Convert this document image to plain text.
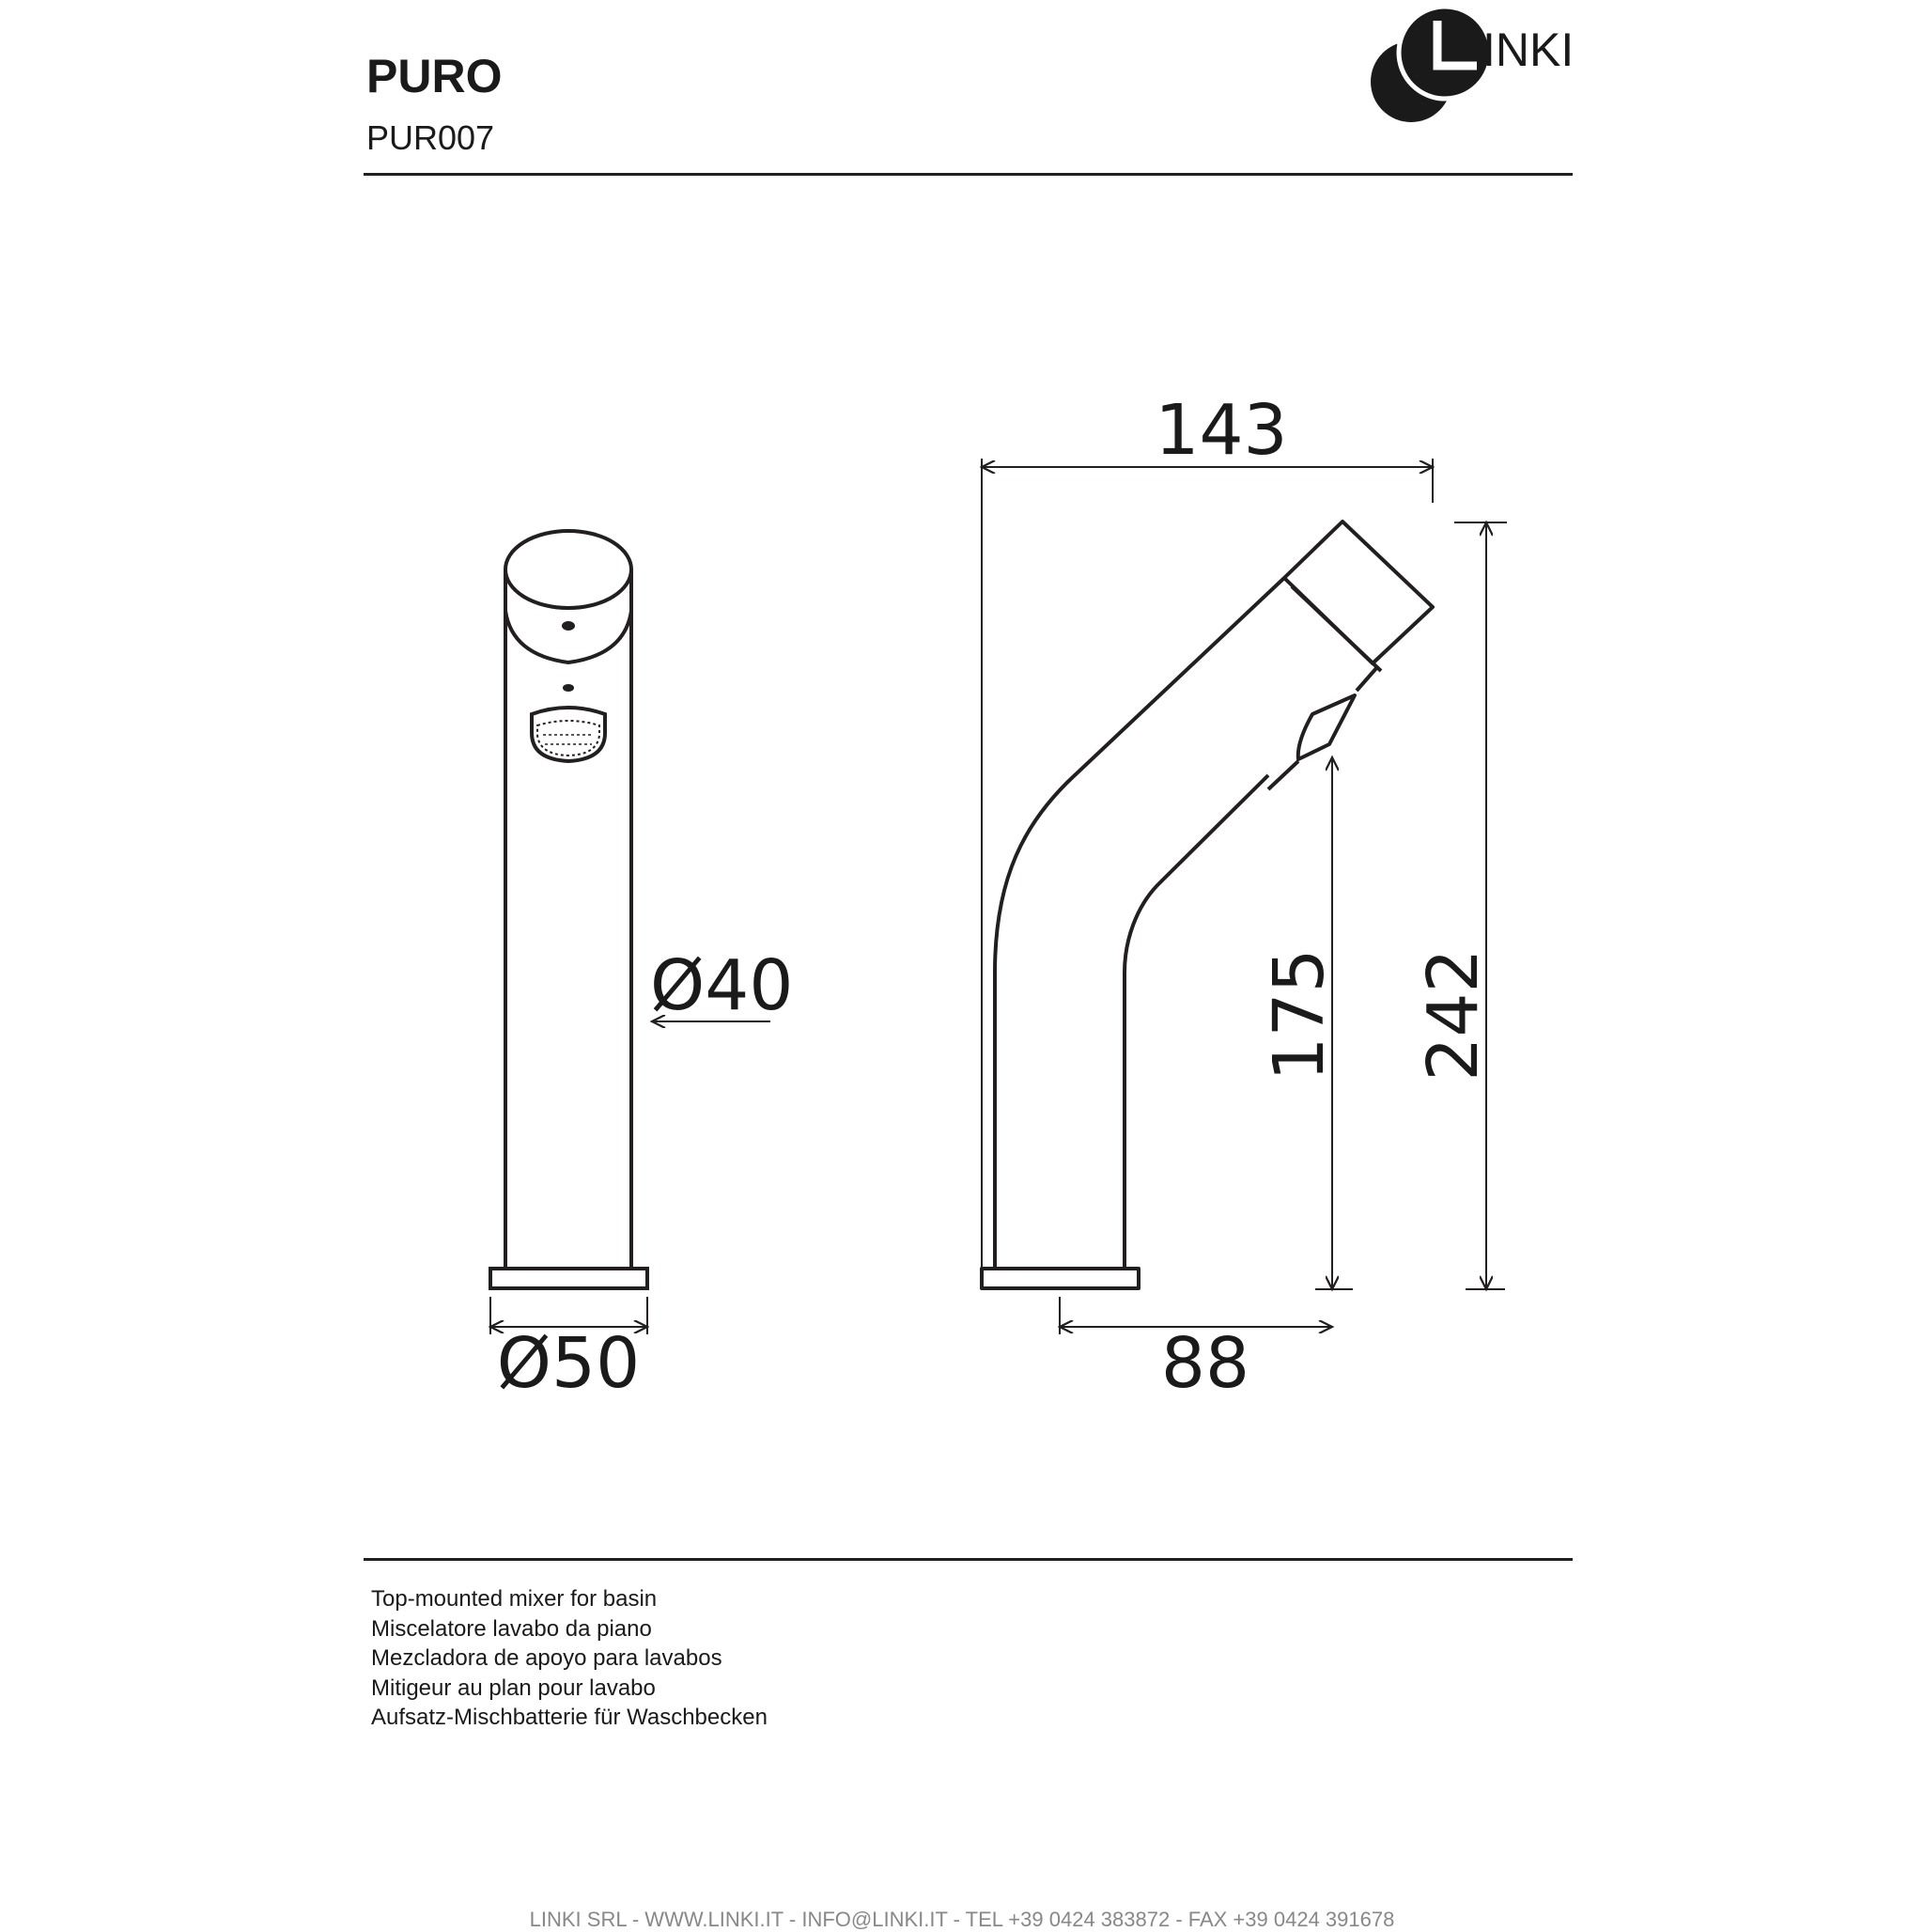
PURO
PUR007
INKI
Ø40
Ø50
143
88
175 242
Top-mounted mixer for basin
Miscelatore lavabo da piano
Mezcladora de apoyo para lavabos
Mitigeur au plan pour lavabo
Aufsatz-Mischbatterie für Waschbecken
LINKI SRL - WWW.LINKI.IT - INFO@LINKI.IT - TEL +39 0424 383872 - FAX +39 0424 391678
